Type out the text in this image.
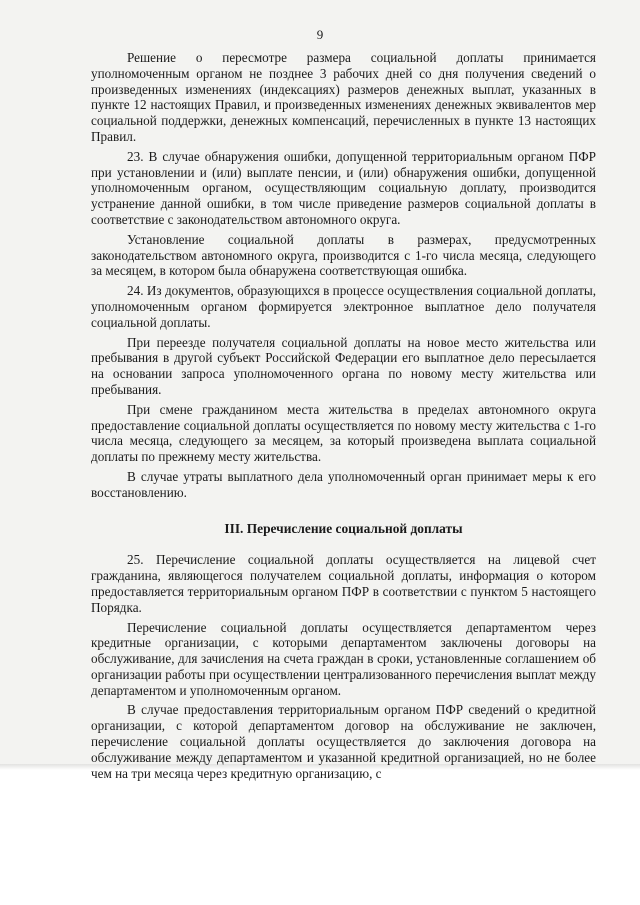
9

Решение о пересмотре размера социальной доплаты принимается уполномоченным органом не позднее 3 рабочих дней со дня получения сведений о произведенных изменениях (индексациях) размеров денежных выплат, указанных в пункте 12 настоящих Правил, и произведенных изменениях денежных эквивалентов мер социальной поддержки, денежных компенсаций, перечисленных в пункте 13 настоящих Правил.

23. В случае обнаружения ошибки, допущенной территориальным органом ПФР при установлении и (или) выплате пенсии, и (или) обнаружения ошибки, допущенной уполномоченным органом, осуществляющим социальную доплату, производится устранение данной ошибки, в том числе приведение размеров социальной доплаты в соответствие с законодательством автономного округа.

Установление социальной доплаты в размерах, предусмотренных законодательством автономного округа, производится с 1-го числа месяца, следующего за месяцем, в котором была обнаружена соответствующая ошибка.

24. Из документов, образующихся в процессе осуществления социальной доплаты, уполномоченным органом формируется электронное выплатное дело получателя социальной доплаты.

При переезде получателя социальной доплаты на новое место жительства или пребывания в другой субъект Российской Федерации его выплатное дело пересылается на основании запроса уполномоченного органа по новому месту жительства или пребывания.

При смене гражданином места жительства в пределах автономного округа предоставление социальной доплаты осуществляется по новому месту жительства с 1-го числа месяца, следующего за месяцем, за который произведена выплата социальной доплаты по прежнему месту жительства.

В случае утраты выплатного дела уполномоченный орган принимает меры к его восстановлению.

III. Перечисление социальной доплаты

25. Перечисление социальной доплаты осуществляется на лицевой счет гражданина, являющегося получателем социальной доплаты, информация о котором предоставляется территориальным органом ПФР в соответствии с пунктом 5 настоящего Порядка.

Перечисление социальной доплаты осуществляется департаментом через кредитные организации, с которыми департаментом заключены договоры на обслуживание, для зачисления на счета граждан в сроки, установленные соглашением об организации работы при осуществлении централизованного перечисления выплат между департаментом и уполномоченным органом.

В случае предоставления территориальным органом ПФР сведений о кредитной организации, с которой департаментом договор на обслуживание не заключен, перечисление социальной доплаты осуществляется до заключения договора на обслуживание между департаментом и указанной кредитной организацией, но не более чем на три месяца через кредитную организацию, с
